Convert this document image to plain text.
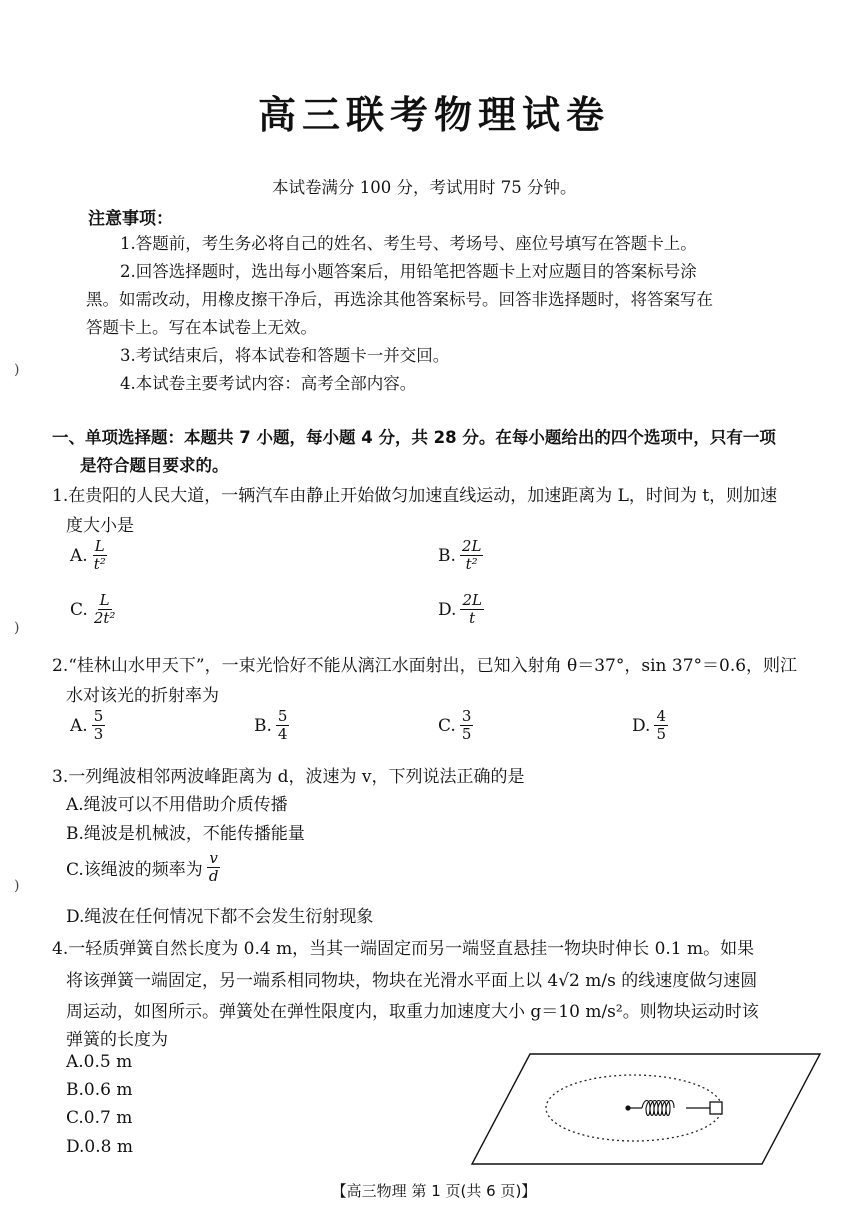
高三联考物理试卷
本试卷满分 100 分，考试用时 75 分钟。
注意事项：
1.答题前，考生务必将自己的姓名、考生号、考场号、座位号填写在答题卡上。
2.回答选择题时，选出每小题答案后，用铅笔把答题卡上对应题目的答案标号涂
黑。如需改动，用橡皮擦干净后，再选涂其他答案标号。回答非选择题时，将答案写在
答题卡上。写在本试卷上无效。
3.考试结束后，将本试卷和答题卡一并交回。
4.本试卷主要考试内容：高考全部内容。
)
)
)
一、单项选择题：本题共 7 小题，每小题 4 分，共 28 分。在每小题给出的四个选项中，只有一项
是符合题目要求的。
1.在贵阳的人民大道，一辆汽车由静止开始做匀加速直线运动，加速距离为 L，时间为 t，则加速
度大小是
A. $\frac{L}{\text{t²}}$	B. $\frac{2L}{\text{t²}}$
C. $\frac{L}{\text{2t²}}$	D. $\frac{2L}{t}$
2.“桂林山水甲天下”，一束光恰好不能从漓江水面射出，已知入射角 θ＝37°，sin 37°＝0.6，则江
水对该光的折射率为
A. $\frac{5}{3}$	B. $\frac{5}{4}$	C. $\frac{3}{5}$	D. $\frac{4}{5}$
3.一列绳波相邻两波峰距离为 d，波速为 v，下列说法正确的是
A.绳波可以不用借助介质传播
B.绳波是机械波，不能传播能量
C.该绳波的频率为 $\frac{v}{d}$
D.绳波在任何情况下都不会发生衍射现象
4.一轻质弹簧自然长度为 0.4 m，当其一端固定而另一端竖直悬挂一物块时伸长 0.1 m。如果
将该弹簧一端固定，另一端系相同物块，物块在光滑水平面上以 4√2 m/s 的线速度做匀速圆
周运动，如图所示。弹簧处在弹性限度内，取重力加速度大小 g＝10 m/s²。则物块运动时该
弹簧的长度为
A.0.5 m
B.0.6 m
C.0.7 m
D.0.8 m
【高三物理 第 1 页(共 6 页)】
